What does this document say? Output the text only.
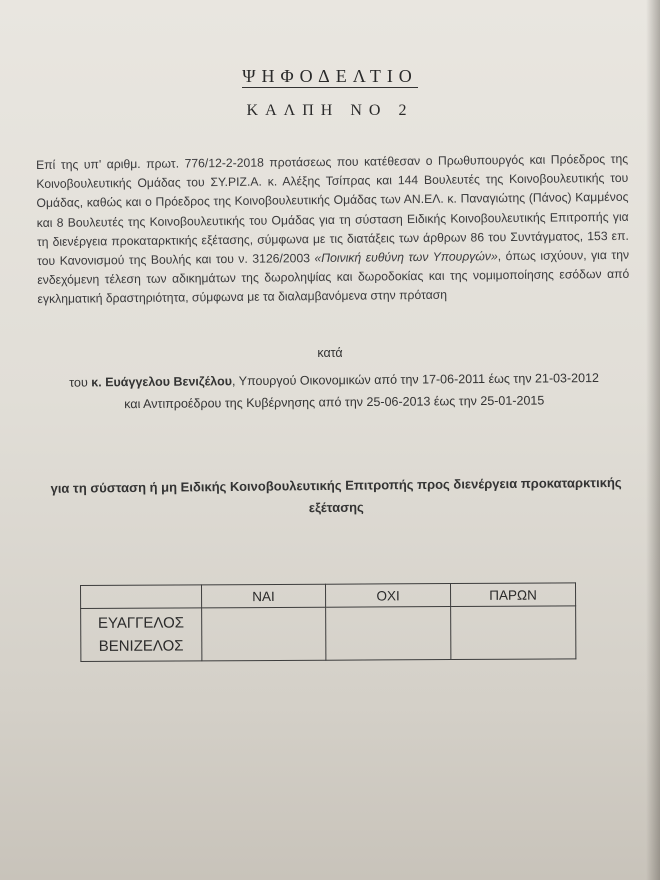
ΨΗΦΟΔΕΛΤΙΟ
ΚΑΛΠΗ ΝΟ 2

Επί της υπ' αριθμ. πρωτ. 776/12-2-2018 προτάσεως που κατέθεσαν ο Πρωθυπουργός και Πρόεδρος της Κοινοβουλευτικής Ομάδας του ΣΥ.ΡΙΖ.Α. κ. Αλέξης Τσίπρας και 144 Βουλευτές της Κοινοβουλευτικής του Ομάδας, καθώς και ο Πρόεδρος της Κοινοβουλευτικής Ομάδας των ΑΝ.ΕΛ. κ. Παναγιώτης (Πάνος) Καμμένος και 8 Βουλευτές της Κοινοβουλευτικής του Ομάδας για τη σύσταση Ειδικής Κοινοβουλευτικής Επιτροπής για τη διενέργεια προκαταρκτικής εξέτασης, σύμφωνα με τις διατάξεις των άρθρων 86 του Συντάγματος, 153 επ. του Κανονισμού της Βουλής και του ν. 3126/2003 «Ποινική ευθύνη των Υπουργών», όπως ισχύουν, για την ενδεχόμενη τέλεση των αδικημάτων της δωροληψίας και δωροδοκίας και της νομιμοποίησης εσόδων από εγκληματική δραστηριότητα, σύμφωνα με τα διαλαμβανόμενα στην πρόταση

κατά
του κ. Ευάγγελου Βενιζέλου, Υπουργού Οικονομικών από την 17-06-2011 έως την 21-03-2012
και Αντιπροέδρου της Κυβέρνησης από την 25-06-2013 έως την 25-01-2015
για τη σύσταση ή μη Ειδικής Κοινοβουλευτικής Επιτροπής προς διενέργεια προκαταρκτικής
εξέτασης
	ΝΑΙ	ΟΧΙ	ΠΑΡΩΝ

ΕΥΑΓΓΕΛΟΣ
ΒΕΝΙΖΕΛΟΣ			
